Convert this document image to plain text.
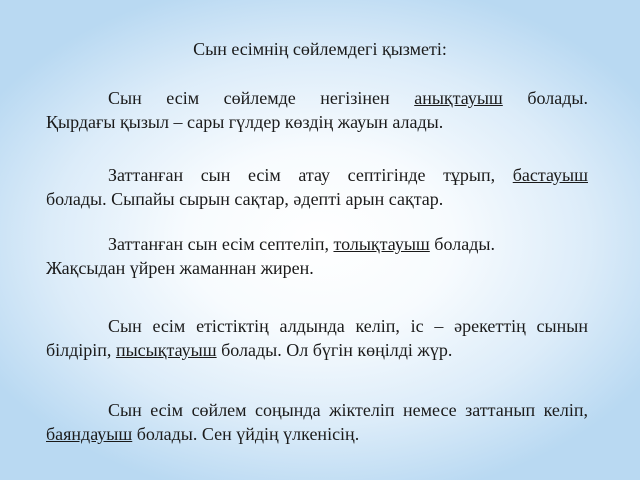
Сын есімнің сөйлемдегі қызметі:
Сын есім сөйлемде негізінен анықтауыш болады.
Қырдағы қызыл – сары гүлдер көздің жауын алады.
Заттанған сын есім атау септігінде тұрып, бастауыш
болады. Сыпайы сырын сақтар, әдепті арын сақтар.
Заттанған сын есім септеліп, толықтауыш болады.
Жақсыдан үйрен жаманнан жирен.
Сын есім етістіктің алдында келіп, іс – әрекеттің сынын білдіріп, пысықтауыш болады. Ол бүгін көңілді жүр.
Сын есім сөйлем соңында жіктеліп немесе заттанып келіп, баяндауыш болады. Сен үйдің үлкенісің.
